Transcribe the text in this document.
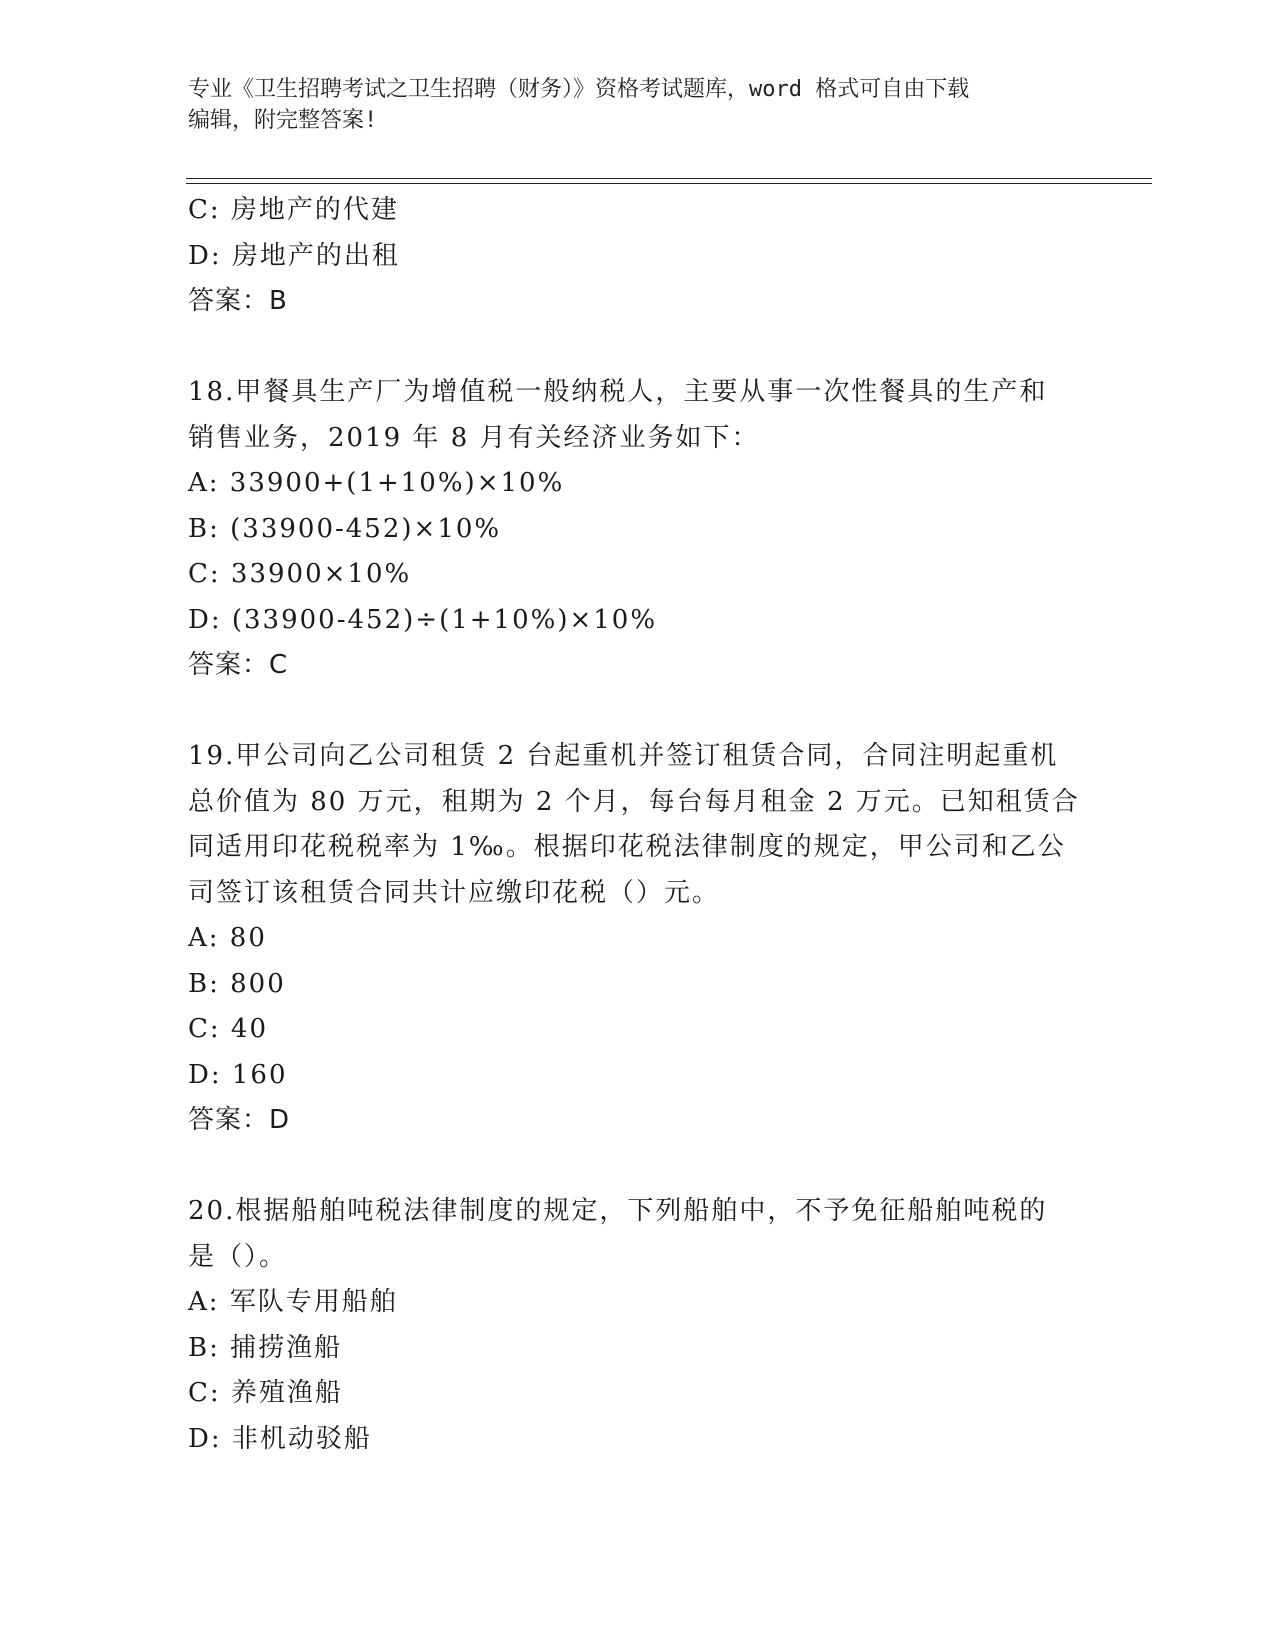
专业《卫生招聘考试之卫生招聘（财务）》资格考试题库，word 格式可自由下载
编辑，附完整答案!
C: 房地产的代建
D: 房地产的出租
答案：B
18.甲餐具生产厂为增值税一般纳税人，主要从事一次性餐具的生产和
销售业务，2019 年 8 月有关经济业务如下：
A: 33900+(1+10%)×10%
B: (33900-452)×10%
C: 33900×10%
D: (33900-452)÷(1+10%)×10%
答案：C
19.甲公司向乙公司租赁 2 台起重机并签订租赁合同，合同注明起重机
总价值为 80 万元，租期为 2 个月，每台每月租金 2 万元。已知租赁合
同适用印花税税率为 1‰。根据印花税法律制度的规定，甲公司和乙公
司签订该租赁合同共计应缴印花税（）元。
A: 80
B: 800
C: 40
D: 160
答案：D
20.根据船舶吨税法律制度的规定，下列船舶中，不予免征船舶吨税的
是（）。
A: 军队专用船舶
B: 捕捞渔船
C: 养殖渔船
D: 非机动驳船
